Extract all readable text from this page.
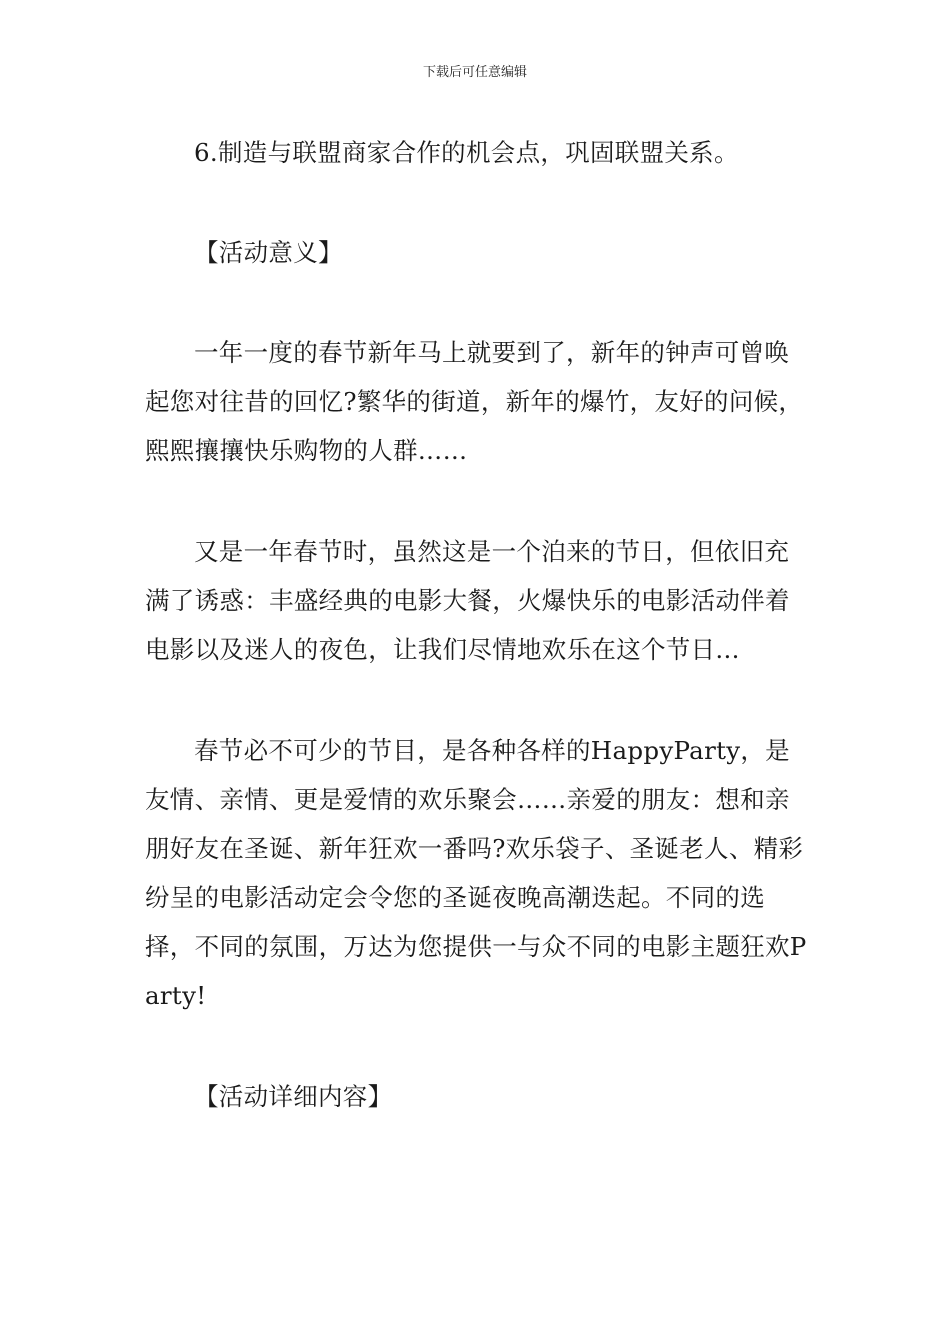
下载后可任意编辑

6.制造与联盟商家合作的机会点，巩固联盟关系。

【活动意义】

一年一度的春节新年马上就要到了，新年的钟声可曾唤起您对往昔的回忆?繁华的街道，新年的爆竹，友好的问候，熙熙攘攘快乐购物的人群……

又是一年春节时，虽然这是一个泊来的节日，但依旧充满了诱惑：丰盛经典的电影大餐，火爆快乐的电影活动伴着电影以及迷人的夜色，让我们尽情地欢乐在这个节日...

春节必不可少的节目，是各种各样的HappyParty，是友情、亲情、更是爱情的欢乐聚会……亲爱的朋友：想和亲朋好友在圣诞、新年狂欢一番吗?欢乐袋子、圣诞老人、精彩纷呈的电影活动定会令您的圣诞夜晚高潮迭起。不同的选择，不同的氛围，万达为您提供一与众不同的电影主题狂欢Party!

【活动详细内容】
